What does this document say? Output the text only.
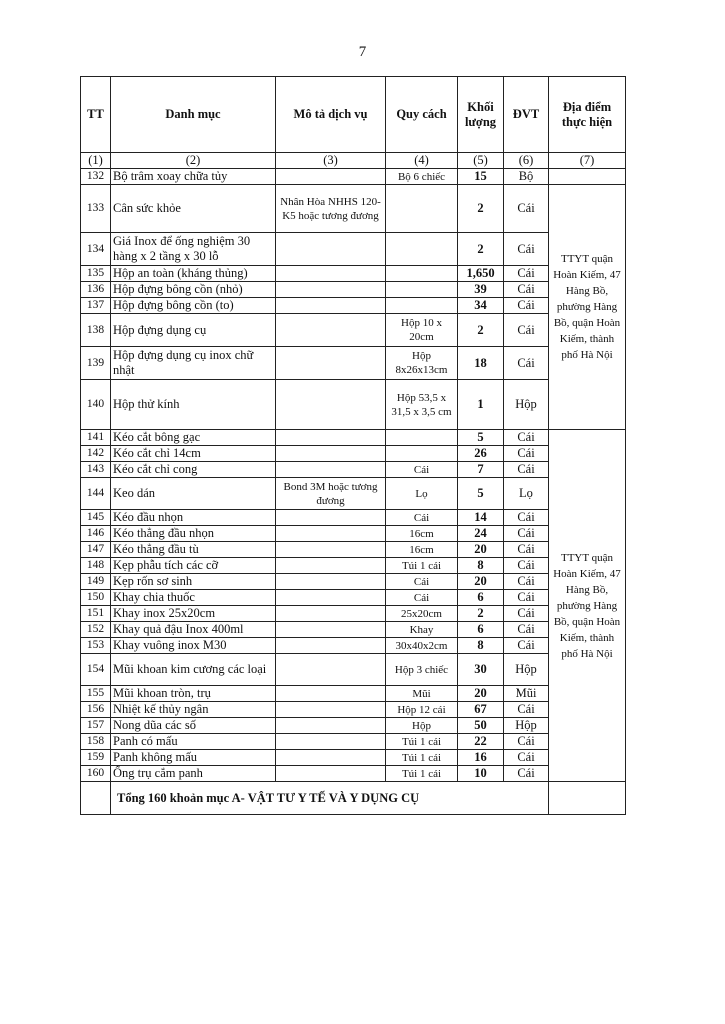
7
TT	Danh mục	Mô tả dịch vụ	Quy cách	Khối lượng	ĐVT	Địa điểm thực hiện	
(1)	(2)	(3)	(4)	(5)	(6)	(7)	
132	Bộ trâm xoay chữa tủy		Bộ 6 chiếc	15	Bộ		
133	Cân sức khỏe	Nhân Hòa NHHS 120-K5 hoặc tương đương		2	Cái	TTYT quận Hoàn Kiếm, 47 Hàng Bồ, phường Hàng Bồ, quận Hoàn Kiếm, thành phố Hà Nội	
134	Giá Inox để ống nghiệm 30 hàng x 2 tầng x 30 lỗ			2	Cái		
135	Hộp an toàn (kháng thủng)			1,650	Cái		
136	Hộp đựng bông cồn (nhỏ)			39	Cái		
137	Hộp đựng bông cồn (to)			34	Cái		
138	Hộp đựng dụng cụ		Hộp 10 x 20cm	2	Cái		
139	Hộp đựng dụng cụ inox chữ nhật		Hộp 8x26x13cm	18	Cái		
140	Hộp thử kính		Hộp 53,5 x 31,5 x 3,5 cm	1	Hộp		
141	Kéo cắt bông gạc			5	Cái	TTYT quận Hoàn Kiếm, 47 Hàng Bồ, phường Hàng Bồ, quận Hoàn Kiếm, thành phố Hà Nội	
142	Kéo cắt chỉ 14cm			26	Cái		
143	Kéo cắt chỉ cong		Cái	7	Cái		
144	Keo dán	Bond 3M hoặc tương đương	Lọ	5	Lọ		
145	Kéo đầu nhọn		Cái	14	Cái		
146	Kéo thẳng đầu nhọn		16cm	24	Cái		
147	Kéo thẳng đầu tù		16cm	20	Cái		
148	Kẹp phẫu tích các cỡ		Túi 1 cái	8	Cái		
149	Kẹp rốn sơ sinh		Cái	20	Cái		
150	Khay chia thuốc		Cái	6	Cái		
151	Khay inox 25x20cm		25x20cm	2	Cái		
152	Khay quả đậu Inox 400ml		Khay	6	Cái		
153	Khay vuông inox M30		30x40x2cm	8	Cái		
154	Mũi khoan kim cương các loại		Hộp 3 chiếc	30	Hộp		
155	Mũi khoan tròn, trụ		Mũi	20	Mũi		
156	Nhiệt kế thủy ngân		Hộp 12 cái	67	Cái		
157	Nong dũa các số		Hộp	50	Hộp		
158	Panh có mấu		Túi 1 cái	22	Cái		
159	Panh không mấu		Túi 1 cái	16	Cái		
160	Ống trụ cắm panh		Túi 1 cái	10	Cái		
	Tổng 160 khoản mục A- VẬT TƯ Y TẾ VÀ Y DỤNG CỤ						
